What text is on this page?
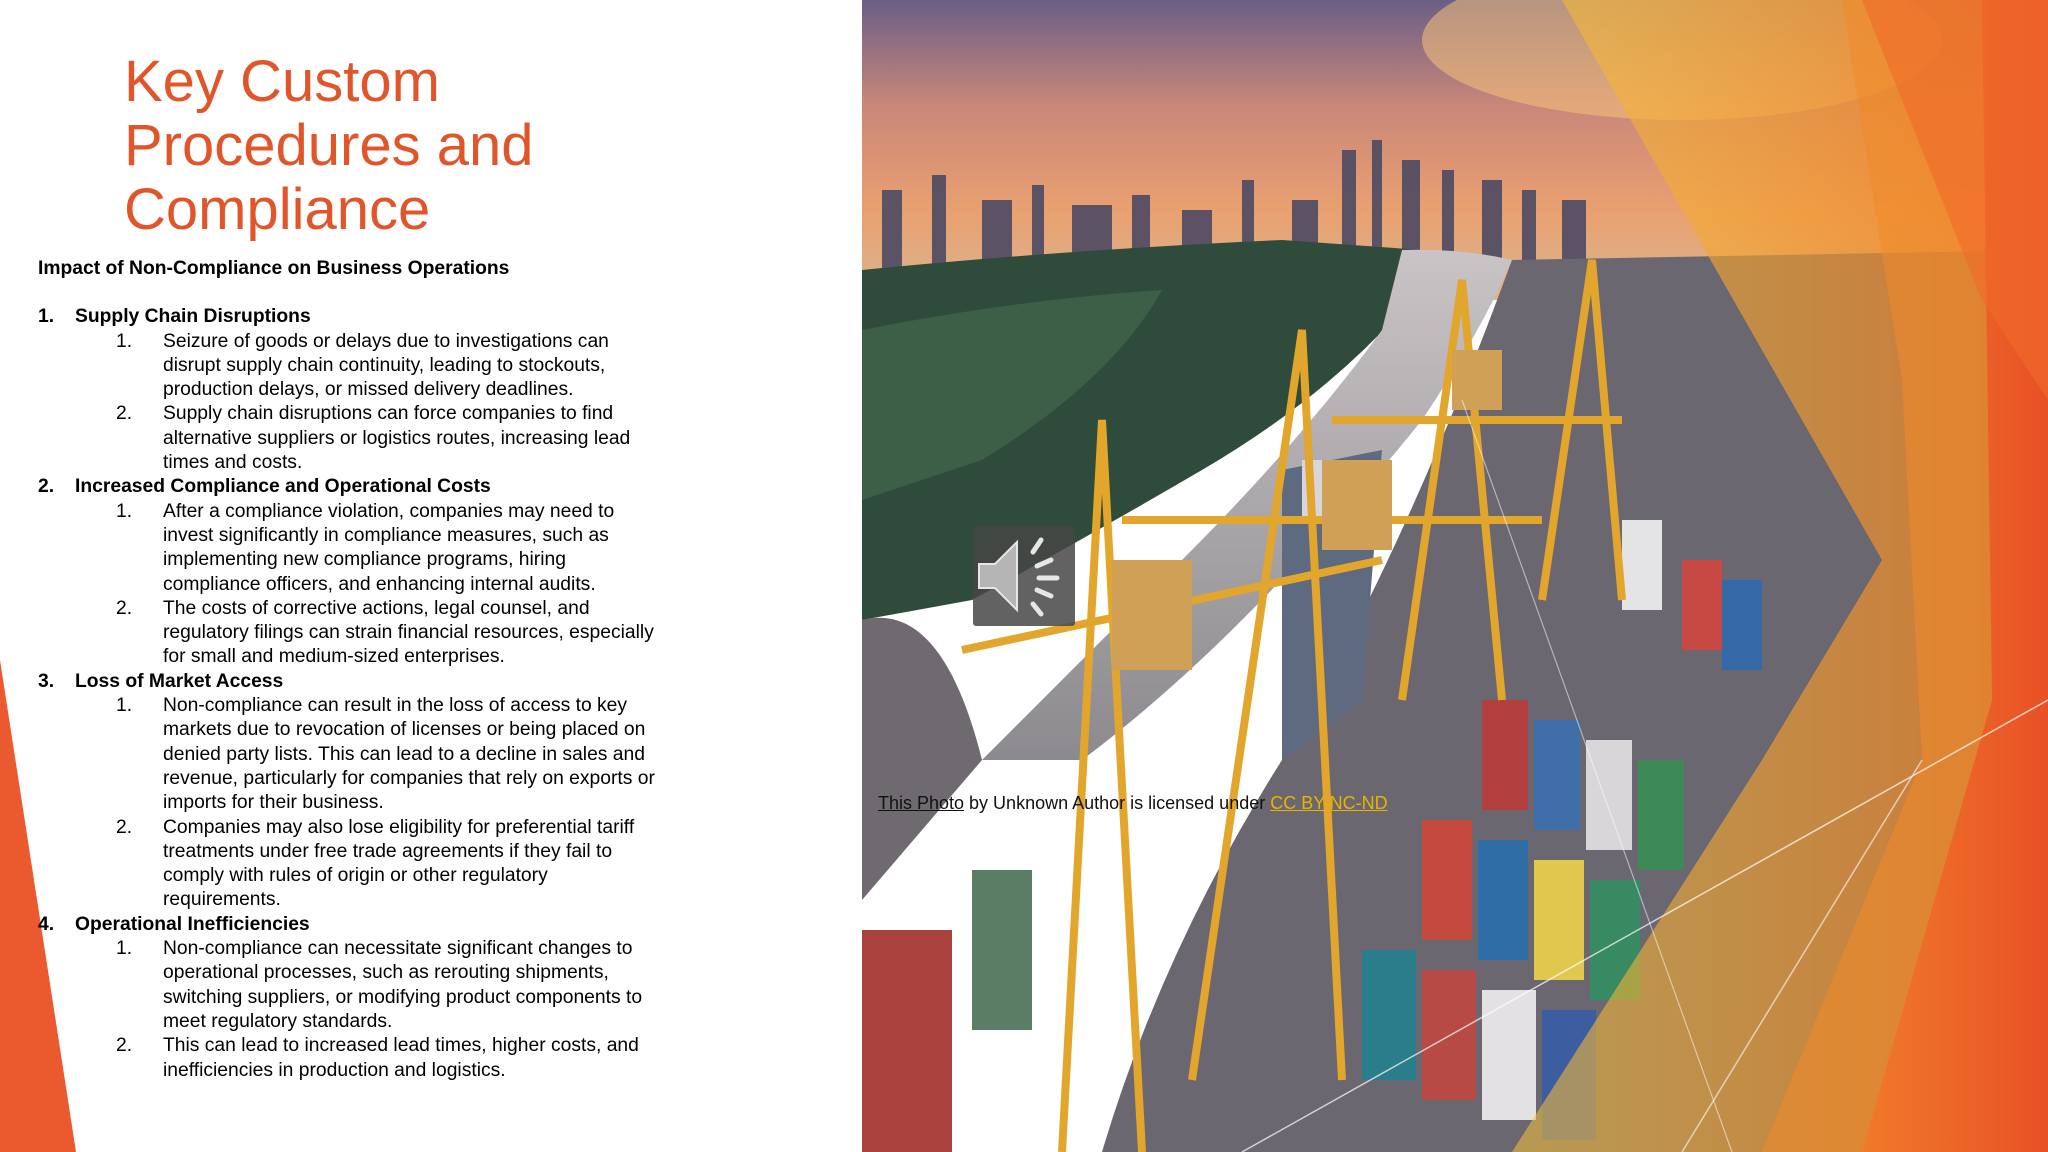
Key Custom
Procedures and
Compliance
Impact of Non-Compliance on Business Operations
1.	Supply Chain Disruptions
1.	Seizure of goods or delays due to investigations can disrupt supply chain continuity, leading to stockouts, production delays, or missed delivery deadlines.
2.	Supply chain disruptions can force companies to find alternative suppliers or logistics routes, increasing lead times and costs.
2.	Increased Compliance and Operational Costs
1.	After a compliance violation, companies may need to invest significantly in compliance measures, such as implementing new compliance programs, hiring compliance officers, and enhancing internal audits.
2.	The costs of corrective actions, legal counsel, and regulatory filings can strain financial resources, especially for small and medium-sized enterprises.
3.	Loss of Market Access
1.	Non-compliance can result in the loss of access to key markets due to revocation of licenses or being placed on denied party lists. This can lead to a decline in sales and revenue, particularly for companies that rely on exports or imports for their business.
2.	Companies may also lose eligibility for preferential tariff treatments under free trade agreements if they fail to comply with rules of origin or other regulatory requirements.
4.	Operational Inefficiencies
1.	Non-compliance can necessitate significant changes to operational processes, such as rerouting shipments, switching suppliers, or modifying product components to meet regulatory standards.
2.	This can lead to increased lead times, higher costs, and inefficiencies in production and logistics.
This Photo by Unknown Author is licensed under CC BY-NC-ND
